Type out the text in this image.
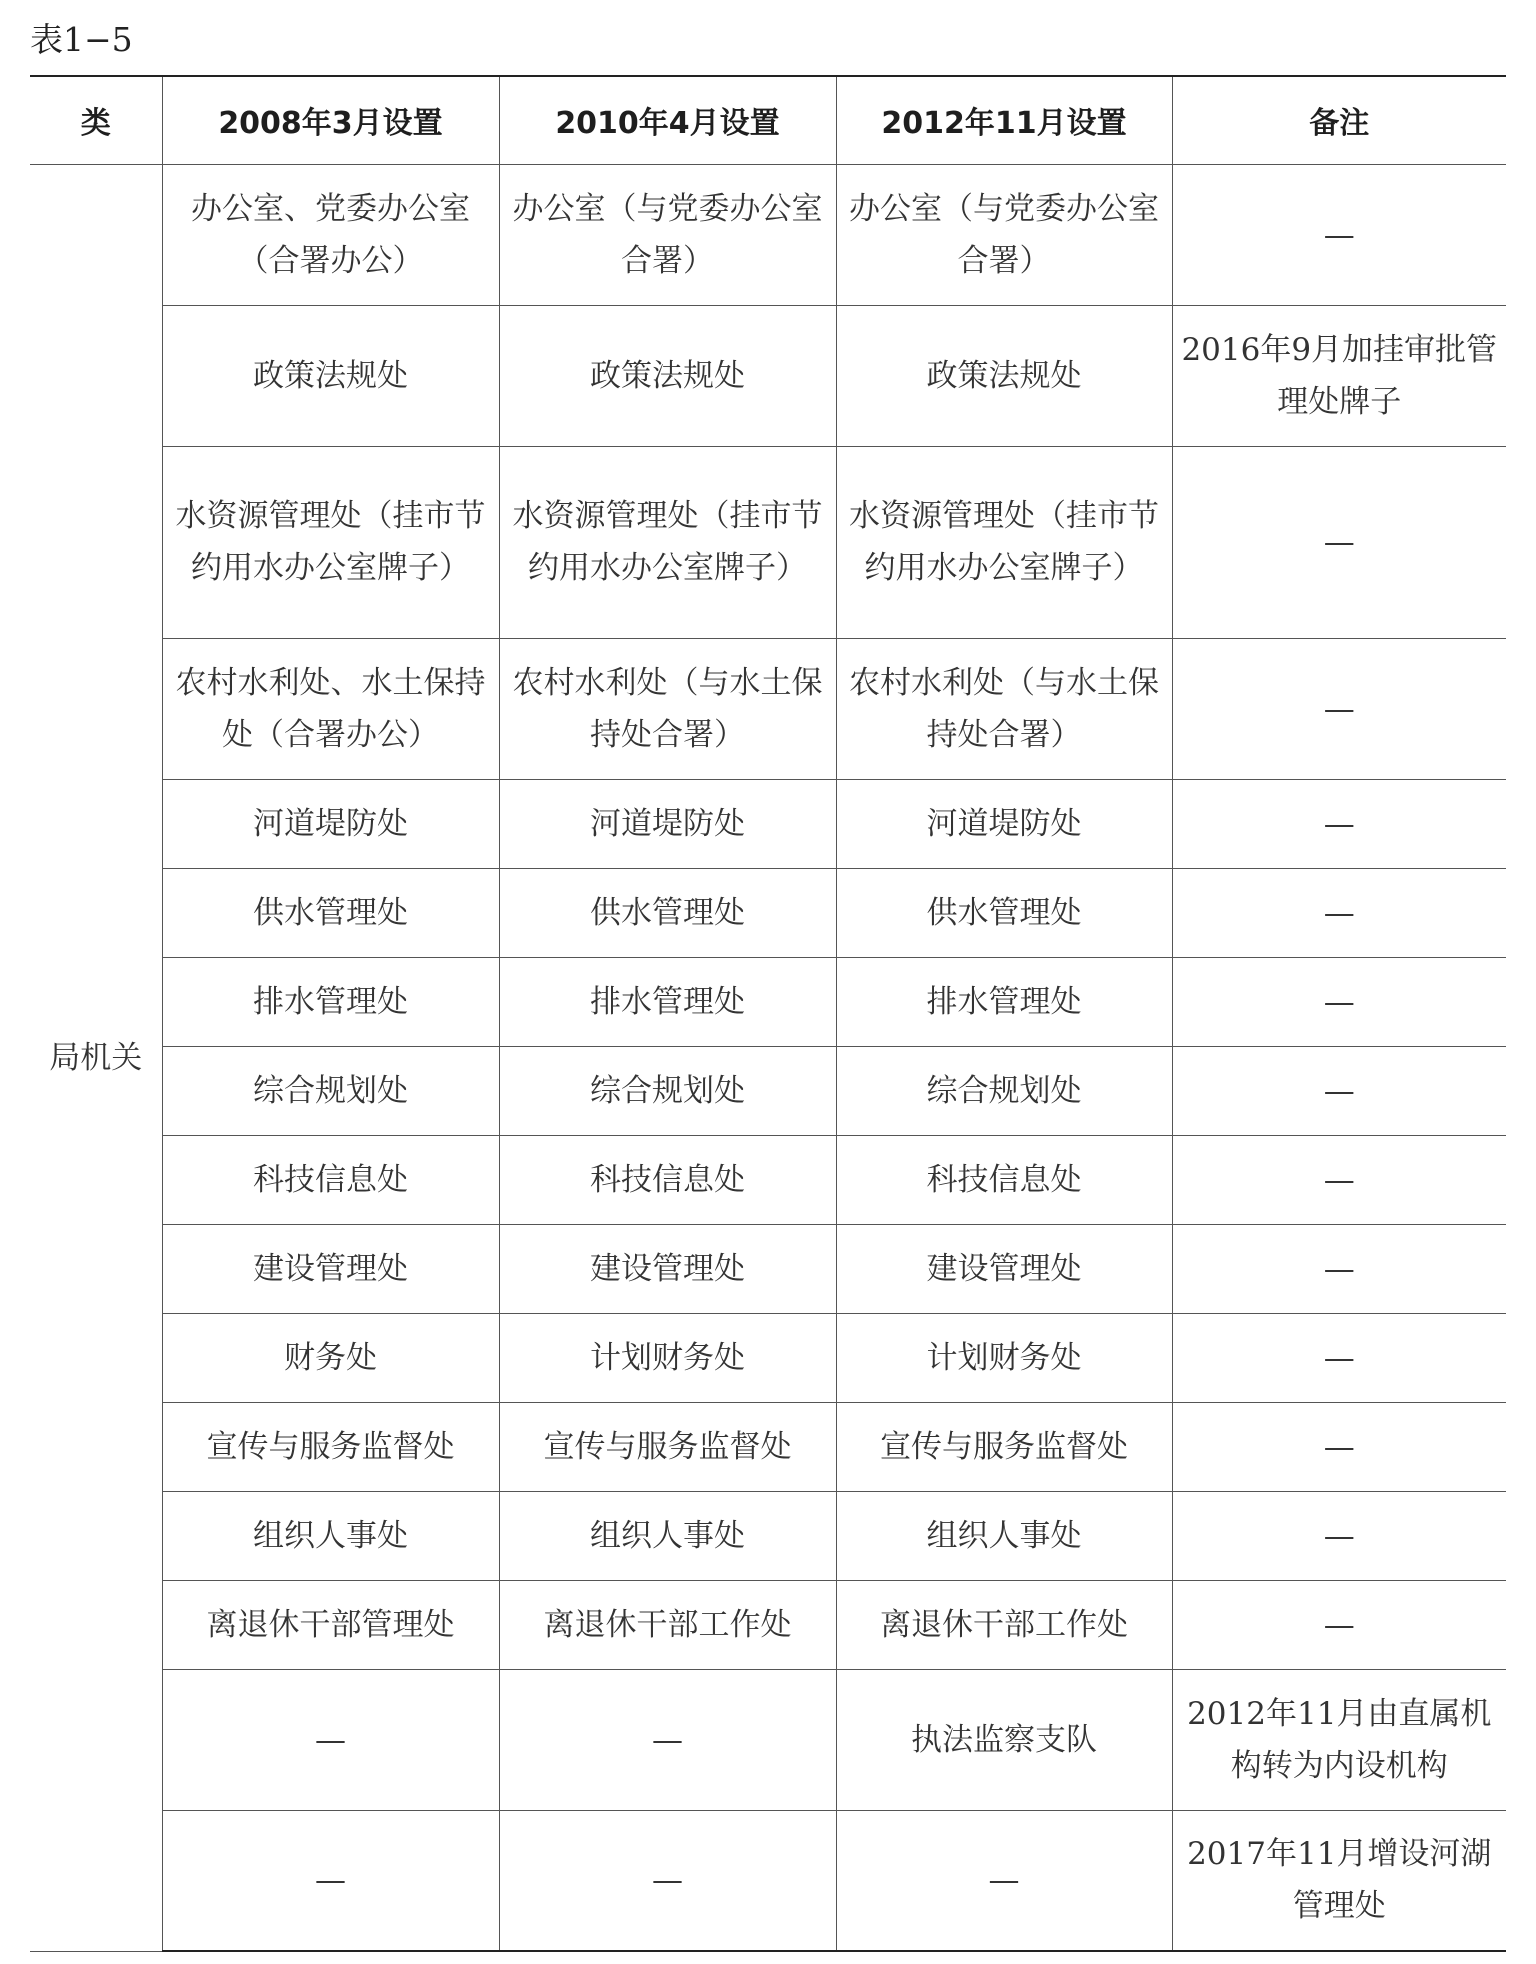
表1−5
类	2008年3月设置	2010年4月设置	2012年11月设置	备注
局机关	办公室、党委办公室（合署办公）	办公室（与党委办公室合署）	办公室（与党委办公室合署）	—
	政策法规处	政策法规处	政策法规处	2016年9月加挂审批管理处牌子
	水资源管理处（挂市节约用水办公室牌子）	水资源管理处（挂市节约用水办公室牌子）	水资源管理处（挂市节约用水办公室牌子）	—
	农村水利处、水土保持处（合署办公）	农村水利处（与水土保持处合署）	农村水利处（与水土保持处合署）	—
	河道堤防处	河道堤防处	河道堤防处	—
	供水管理处	供水管理处	供水管理处	—
	排水管理处	排水管理处	排水管理处	—
	综合规划处	综合规划处	综合规划处	—
	科技信息处	科技信息处	科技信息处	—
	建设管理处	建设管理处	建设管理处	—
	财务处	计划财务处	计划财务处	—
	宣传与服务监督处	宣传与服务监督处	宣传与服务监督处	—
	组织人事处	组织人事处	组织人事处	—
	离退休干部管理处	离退休干部工作处	离退休干部工作处	—
	—	—	执法监察支队	2012年11月由直属机构转为内设机构
	—	—	—	2017年11月增设河湖管理处
